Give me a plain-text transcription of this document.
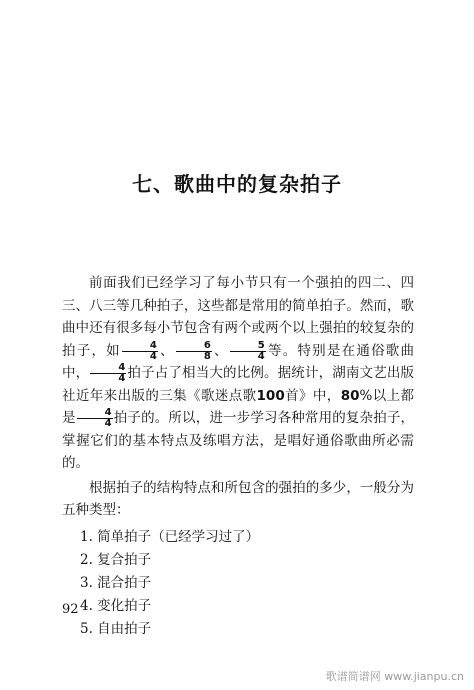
七、歌曲中的复杂拍子

前面我们已经学习了每小节只有一个强拍的四二、四三、八三等几种拍子，这些都是常用的简单拍子。然而，歌曲中还有很多每小节包含有两个或两个以上强拍的较复杂的拍子，如 $\frac{4}{4}$ 、 $\frac{6}{8}$ 、 $\frac{5}{4}$ 等。特别是在通俗歌曲中， $\frac{4}{4}$ 拍子占了相当大的比例。据统计，湖南文艺出版社近年来出版的三集《歌迷点歌100首》中，80%以上都是 $\frac{4}{4}$ 拍子的。所以，进一步学习各种常用的复杂拍子，掌握它们的基本特点及练唱方法，是唱好通俗歌曲所必需的。

根据拍子的结构特点和所包含的强拍的多少，一般分为五种类型：

1. 简单拍子（已经学习过了）
2. 复合拍子
3. 混合拍子
4. 变化拍子
5. 自由拍子
92
歌谱简谱网 www.jianpu.cn
